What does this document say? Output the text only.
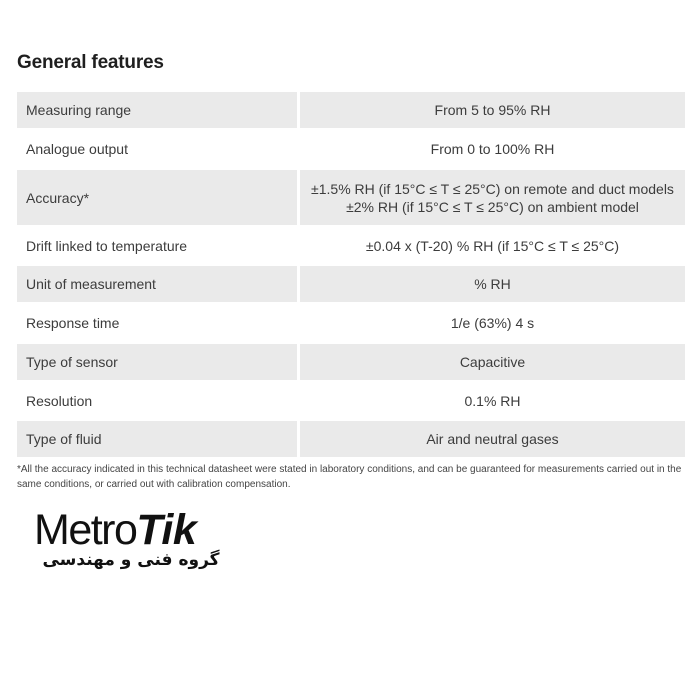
General features
Measuring range	From 5 to 95% RH

Analogue output	From 0 to 100% RH

Accuracy*	±1.5% RH (if 15°C ≤ T ≤ 25°C) on remote and duct models
±2% RH (if 15°C ≤ T ≤ 25°C) on ambient model

Drift linked to temperature	±0.04 x (T-20) % RH (if 15°C ≤ T ≤ 25°C)

Unit of measurement	% RH

Response time	1/e (63%) 4 s

Type of sensor	Capacitive

Resolution	0.1% RH

Type of fluid	Air and neutral gases

*All the accuracy indicated in this technical datasheet were stated in laboratory conditions, and can be guaranteed for measurements carried out in the same conditions, or carried out with calibration compensation.

MetroTik
گروه فنی و مهندسی
